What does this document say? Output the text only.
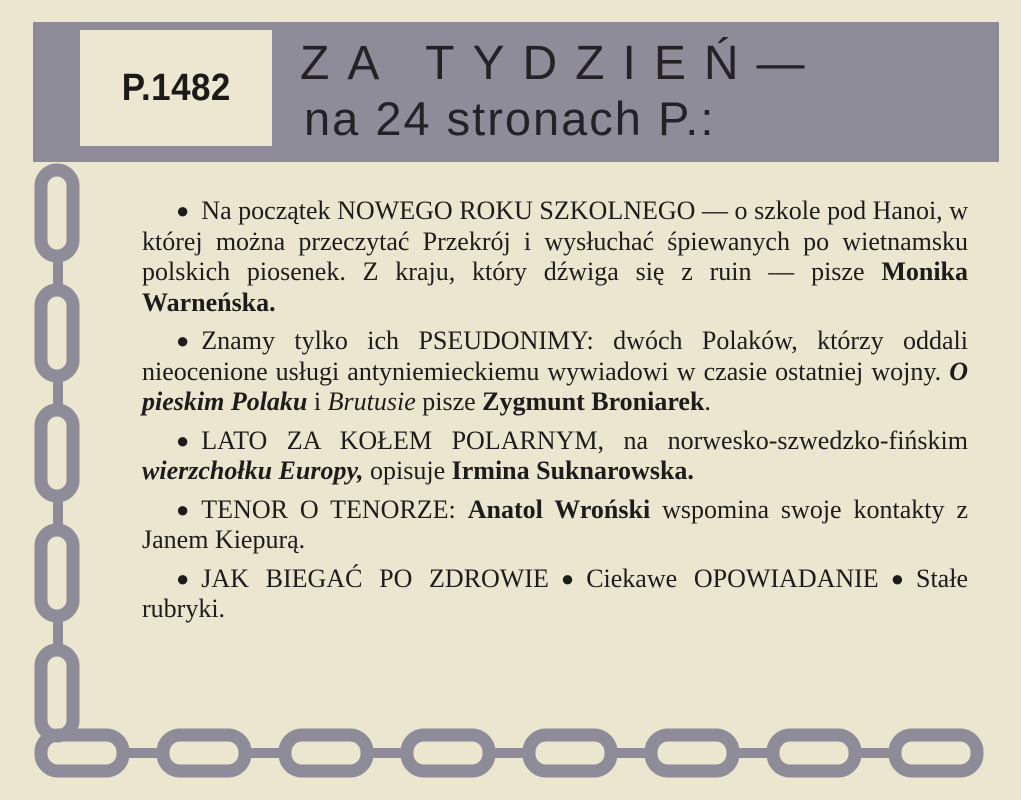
P.1482 ZA TYDZIEŃ—
na 24 stronach P.:

● Na początek NOWEGO ROKU SZKOLNEGO — o szkole pod Hanoi, w której można przeczytać Przekrój i wysłuchać śpiewanych po wietnamsku polskich piosenek. Z kraju, który dźwiga się z ruin — pisze Monika Warneńska.

● Znamy tylko ich PSEUDONIMY: dwóch Polaków, którzy oddali nieocenione usługi antyniemieckiemu wywiadowi w czasie ostatniej wojny. O pieskim Polaku i Brutusie pisze Zygmunt Broniarek.

● LATO ZA KOŁEM POLARNYM, na norwesko-szwedzko-fińskim wierzchołku Europy, opisuje Irmina Suknarowska.

● TENOR O TENORZE: Anatol Wroński wspomina swoje kontakty z Janem Kiepurą.

● JAK BIEGAĆ PO ZDROWIE ● Ciekawe OPOWIADANIE ● Stałe rubryki.
